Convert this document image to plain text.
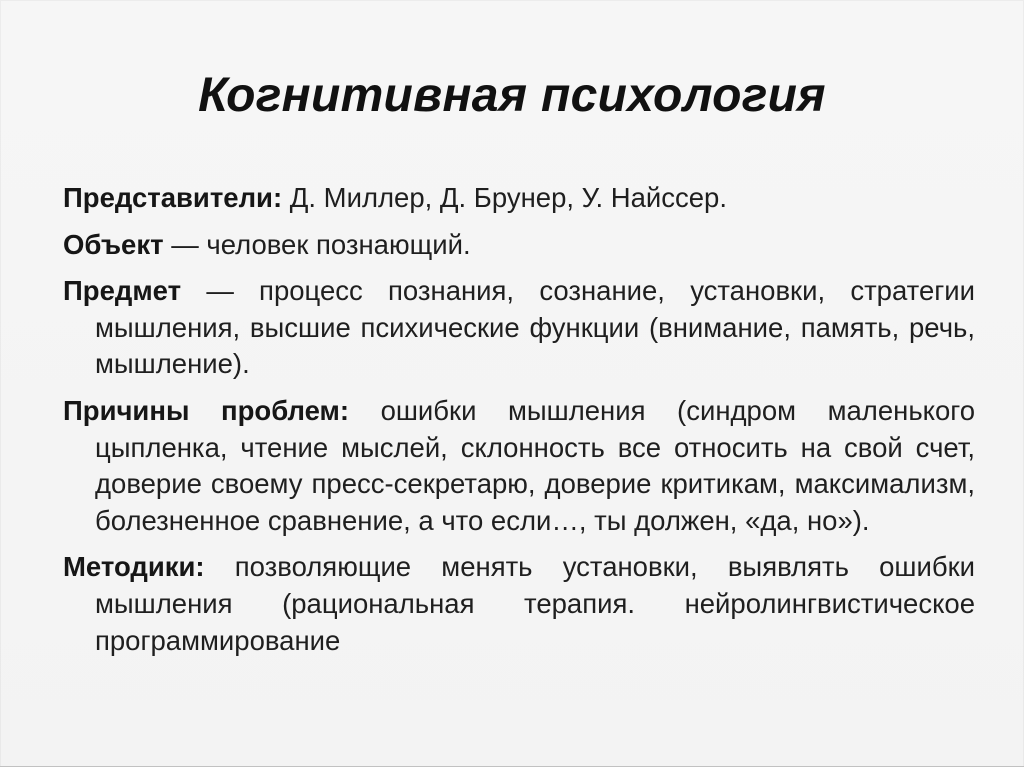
Когнитивная психология

Представители: Д. Миллер, Д. Брунер, У. Найссер.

Объект — человек познающий.

Предмет — процесс познания, сознание, установки, стратегии мышления, высшие психические функции (внимание, память, речь, мышление).

Причины проблем: ошибки мышления (синдром маленького цыпленка, чтение мыслей, склонность все относить на свой счет, доверие своему пресс-секретарю, доверие критикам, максимализм, болезненное сравнение, а что если…, ты должен, «да, но»).

Методики: позволяющие менять установки, выявлять ошибки мышления (рациональная терапия. нейролингвистическое программирование
